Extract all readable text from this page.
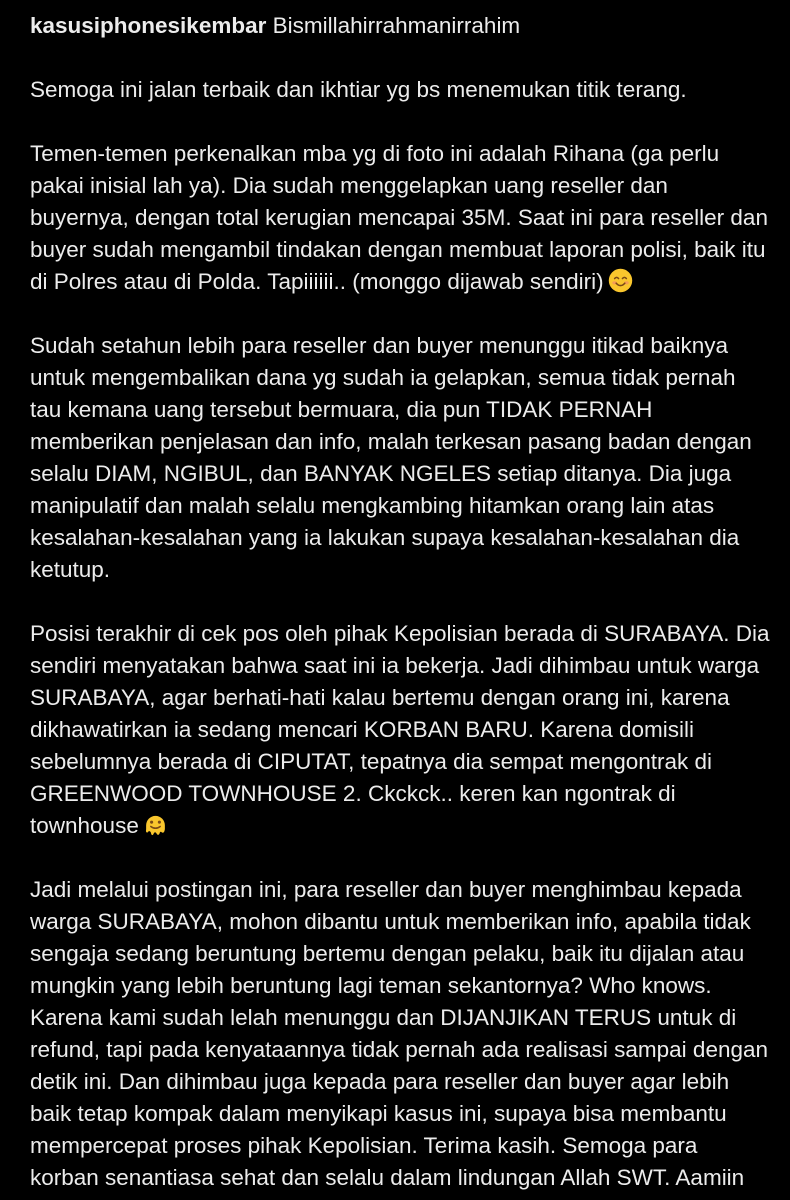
kasusiphonesikembar Bismillahirrahmanirrahim

Semoga ini jalan terbaik dan ikhtiar yg bs menemukan titik terang.

Temen-temen perkenalkan mba yg di foto ini adalah Rihana (ga perlu pakai inisial lah ya). Dia sudah menggelapkan uang reseller dan buyernya, dengan total kerugian mencapai 35M. Saat ini para reseller dan buyer sudah mengambil tindakan dengan membuat laporan polisi, baik itu di Polres atau di Polda. Tapiiiiii.. (monggo dijawab sendiri)

Sudah setahun lebih para reseller dan buyer menunggu itikad baiknya untuk mengembalikan dana yg sudah ia gelapkan, semua tidak pernah tau kemana uang tersebut bermuara, dia pun TIDAK PERNAH memberikan penjelasan dan info, malah terkesan pasang badan dengan selalu DIAM, NGIBUL, dan BANYAK NGELES setiap ditanya. Dia juga manipulatif dan malah selalu mengkambing hitamkan orang lain atas kesalahan-kesalahan yang ia lakukan supaya kesalahan-kesalahan dia ketutup.

Posisi terakhir di cek pos oleh pihak Kepolisian berada di SURABAYA. Dia sendiri menyatakan bahwa saat ini ia bekerja. Jadi dihimbau untuk warga SURABAYA, agar berhati-hati kalau bertemu dengan orang ini, karena dikhawatirkan ia sedang mencari KORBAN BARU. Karena domisili sebelumnya berada di CIPUTAT, tepatnya dia sempat mengontrak di GREENWOOD TOWNHOUSE 2. Ckckck.. keren kan ngontrak di townhouse

Jadi melalui postingan ini, para reseller dan buyer menghimbau kepada warga SURABAYA, mohon dibantu untuk memberikan info, apabila tidak sengaja sedang beruntung bertemu dengan pelaku, baik itu dijalan atau mungkin yang lebih beruntung lagi teman sekantornya? Who knows. Karena kami sudah lelah menunggu dan DIJANJIKAN TERUS untuk di refund, tapi pada kenyataannya tidak pernah ada realisasi sampai dengan detik ini. Dan dihimbau juga kepada para reseller dan buyer agar lebih baik tetap kompak dalam menyikapi kasus ini, supaya bisa membantu mempercepat proses pihak Kepolisian. Terima kasih. Semoga para korban senantiasa sehat dan selalu dalam lindungan Allah SWT. Aamiin
